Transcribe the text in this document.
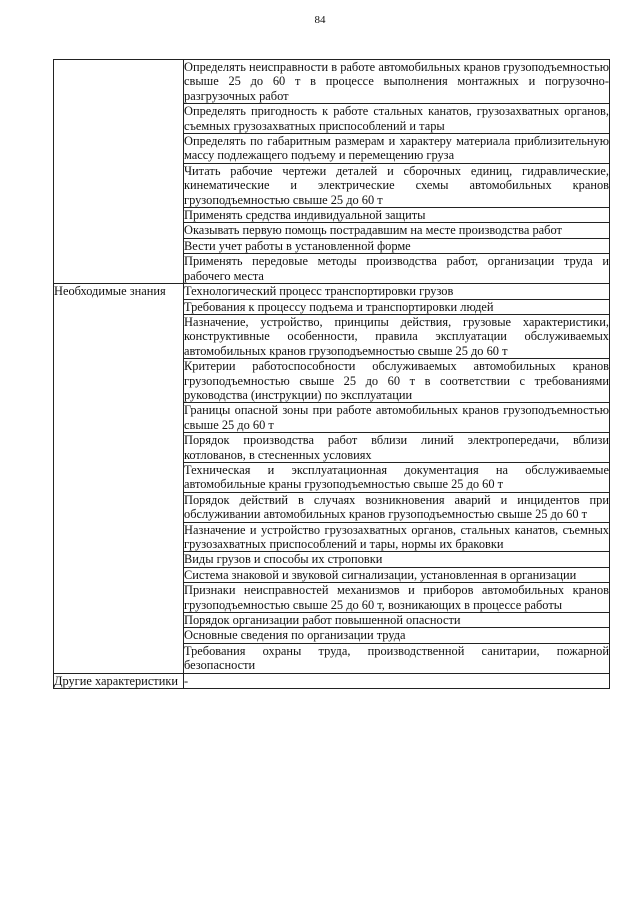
84
	Определять неисправности в работе автомобильных кранов грузоподъемностью свыше 25 до 60 т в процессе выполнения монтажных и погрузочно-разгрузочных работ
	Определять пригодность к работе стальных канатов, грузозахватных органов, съемных грузозахватных приспособлений и тары
	Определять по габаритным размерам и характеру материала приблизительную массу подлежащего подъему и перемещению груза
	Читать рабочие чертежи деталей и сборочных единиц, гидравлические, кинематические и электрические схемы автомобильных кранов грузоподъемностью свыше 25 до 60 т
	Применять средства индивидуальной защиты
	Оказывать первую помощь пострадавшим на месте производства работ
	Вести учет работы в установленной форме
	Применять передовые методы производства работ, организации труда и рабочего места
Необходимые знания	Технологический процесс транспортировки грузов
	Требования к процессу подъема и транспортировки людей
	Назначение, устройство, принципы действия, грузовые характеристики, конструктивные особенности, правила эксплуатации обслуживаемых автомобильных кранов грузоподъемностью свыше 25 до 60 т
	Критерии работоспособности обслуживаемых автомобильных кранов грузоподъемностью свыше 25 до 60 т в соответствии с требованиями руководства (инструкции) по эксплуатации
	Границы опасной зоны при работе автомобильных кранов грузоподъемностью свыше 25 до 60 т
	Порядок производства работ вблизи линий электропередачи, вблизи котлованов, в стесненных условиях
	Техническая и эксплуатационная документация на обслуживаемые автомобильные краны грузоподъемностью свыше 25 до 60 т
	Порядок действий в случаях возникновения аварий и инцидентов при обслуживании автомобильных кранов грузоподъемностью свыше 25 до 60 т
	Назначение и устройство грузозахватных органов, стальных канатов, съемных грузозахватных приспособлений и тары, нормы их браковки
	Виды грузов и способы их строповки
	Система знаковой и звуковой сигнализации, установленная в организации
	Признаки неисправностей механизмов и приборов автомобильных кранов грузоподъемностью свыше 25 до 60 т, возникающих в процессе работы
	Порядок организации работ повышенной опасности
	Основные сведения по организации труда
	Требования охраны труда, производственной санитарии, пожарной безопасности
Другие характеристики	-
